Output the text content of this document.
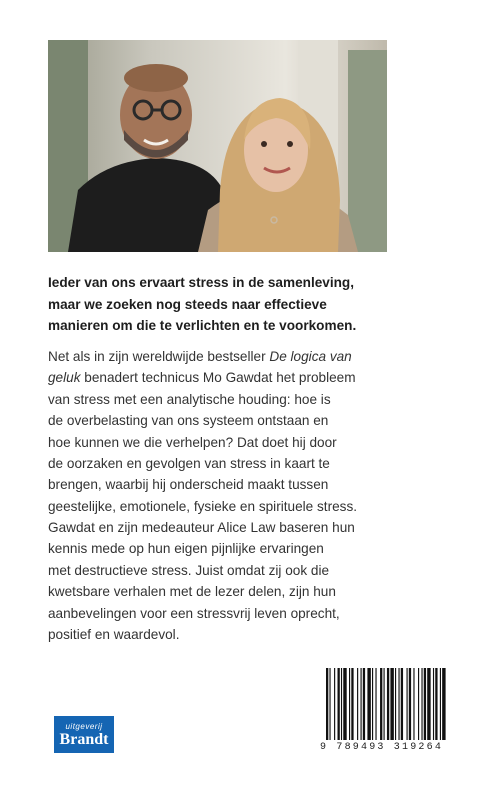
Ieder van ons ervaart stress in de samenleving,
maar we zoeken nog steeds naar effectieve
manieren om die te verlichten en te voorkomen.
Net als in zijn wereldwijde bestseller De logica van
geluk benadert technicus Mo Gawdat het probleem
van stress met een analytische houding: hoe is
de overbelasting van ons systeem ontstaan en
hoe kunnen we die verhelpen? Dat doet hij door
de oorzaken en gevolgen van stress in kaart te
brengen, waarbij hij onderscheid maakt tussen
geestelijke, emotionele, fysieke en spirituele stress.
Gawdat en zijn medeauteur Alice Law baseren hun
kennis mede op hun eigen pijnlijke ervaringen
met destructieve stress. Juist omdat zij ook die
kwetsbare verhalen met de lezer delen, zijn hun
aanbevelingen voor een stressvrij leven oprecht,
positief en waardevol.
uitgeverij
Brandt	9 789493 319264
